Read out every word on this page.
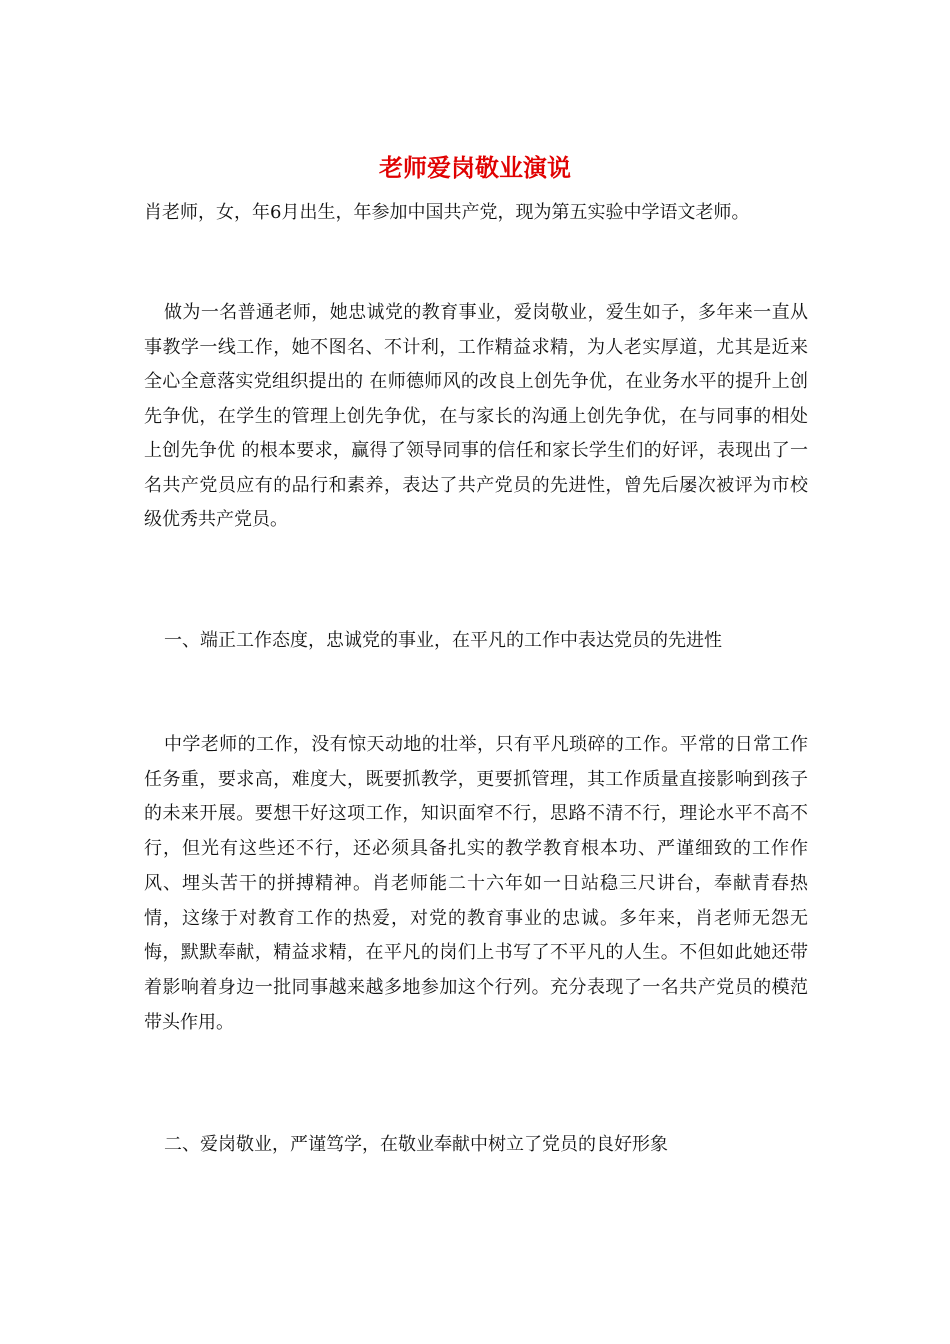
老师爱岗敬业演说

肖老师，女，年6月出生，年参加中国共产党，现为第五实验中学语文老师。

做为一名普通老师，她忠诚党的教育事业，爱岗敬业，爱生如子，多年来一直从事教学一线工作，她不图名、不计利，工作精益求精，为人老实厚道，尤其是近来全心全意落实党组织提出的 在师德师风的改良上创先争优，在业务水平的提升上创先争优，在学生的管理上创先争优，在与家长的沟通上创先争优，在与同事的相处上创先争优 的根本要求，赢得了领导同事的信任和家长学生们的好评，表现出了一名共产党员应有的品行和素养，表达了共产党员的先进性，曾先后屡次被评为市校级优秀共产党员。

一、端正工作态度，忠诚党的事业，在平凡的工作中表达党员的先进性

中学老师的工作，没有惊天动地的壮举，只有平凡琐碎的工作。平常的日常工作任务重，要求高，难度大，既要抓教学，更要抓管理，其工作质量直接影响到孩子的未来开展。要想干好这项工作，知识面窄不行，思路不清不行，理论水平不高不行，但光有这些还不行，还必须具备扎实的教学教育根本功、严谨细致的工作作风、埋头苦干的拼搏精神。肖老师能二十六年如一日站稳三尺讲台，奉献青春热情，这缘于对教育工作的热爱，对党的教育事业的忠诚。多年来，肖老师无怨无悔，默默奉献，精益求精，在平凡的岗们上书写了不平凡的人生。不但如此她还带着影响着身边一批同事越来越多地参加这个行列。充分表现了一名共产党员的模范带头作用。

二、爱岗敬业，严谨笃学，在敬业奉献中树立了党员的良好形象
